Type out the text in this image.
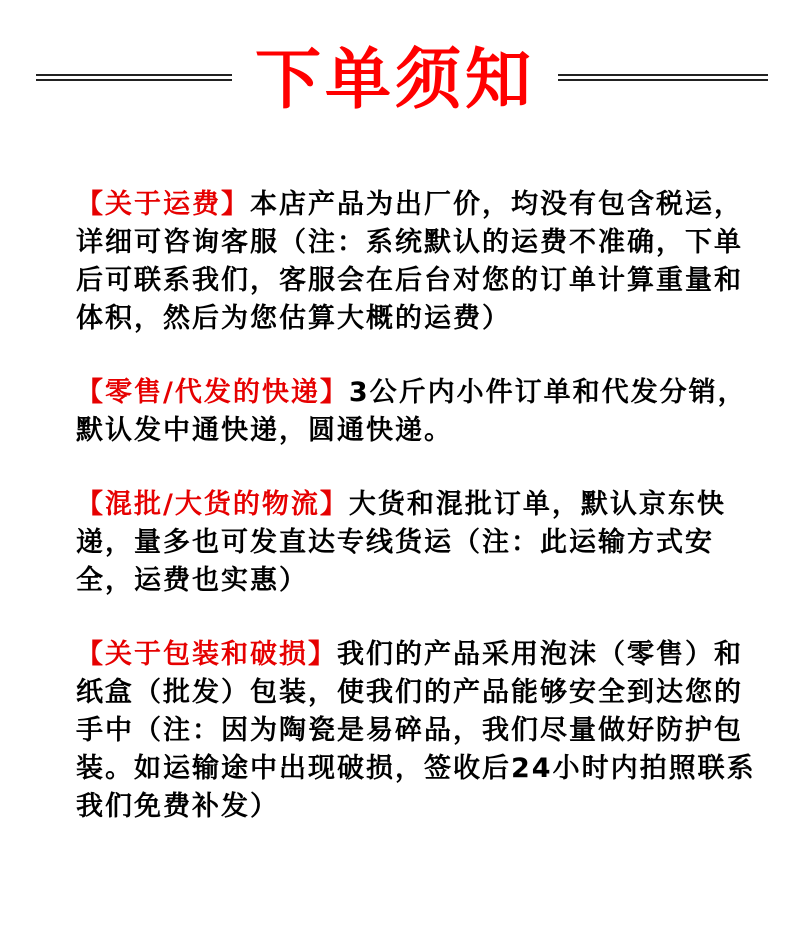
下单须知

【关于运费】本店产品为出厂价，均没有包含税运，详细可咨询客服（注：系统默认的运费不准确，下单后可联系我们，客服会在后台对您的订单计算重量和体积，然后为您估算大概的运费）

【零售/代发的快递】3公斤内小件订单和代发分销，默认发中通快递，圆通快递。

【混批/大货的物流】大货和混批订单，默认京东快递，量多也可发直达专线货运（注：此运输方式安全，运费也实惠）

【关于包装和破损】我们的产品采用泡沫（零售）和纸盒（批发）包装，使我们的产品能够安全到达您的手中（注：因为陶瓷是易碎品，我们尽量做好防护包装。如运输途中出现破损，签收后24小时内拍照联系我们免费补发）
